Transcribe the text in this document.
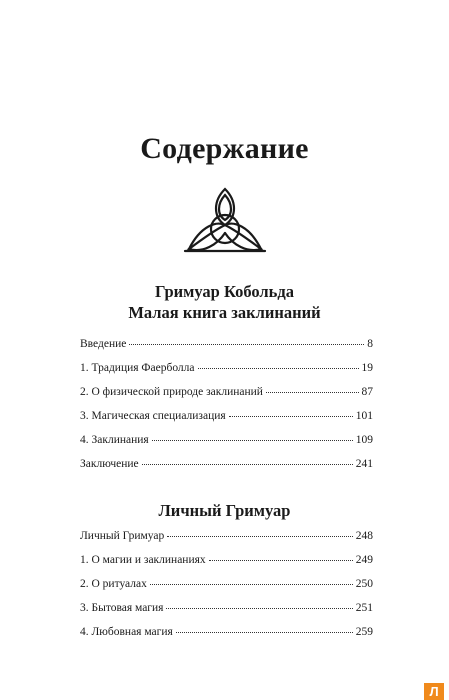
Содержание
Гримуар Кобольда
Малая книга заклинаний
Введение	8
1. Традиция Фаерболла	19
2. О физической природе заклинаний	87
3. Магическая специализация	101
4. Заклинания	109
Заключение	241
Личный Гримуар
Личный Гримуар	248
1. О магии и заклинаниях	249
2. О ритуалах	250
3. Бытовая магия	251
4. Любовная магия	259
Л
